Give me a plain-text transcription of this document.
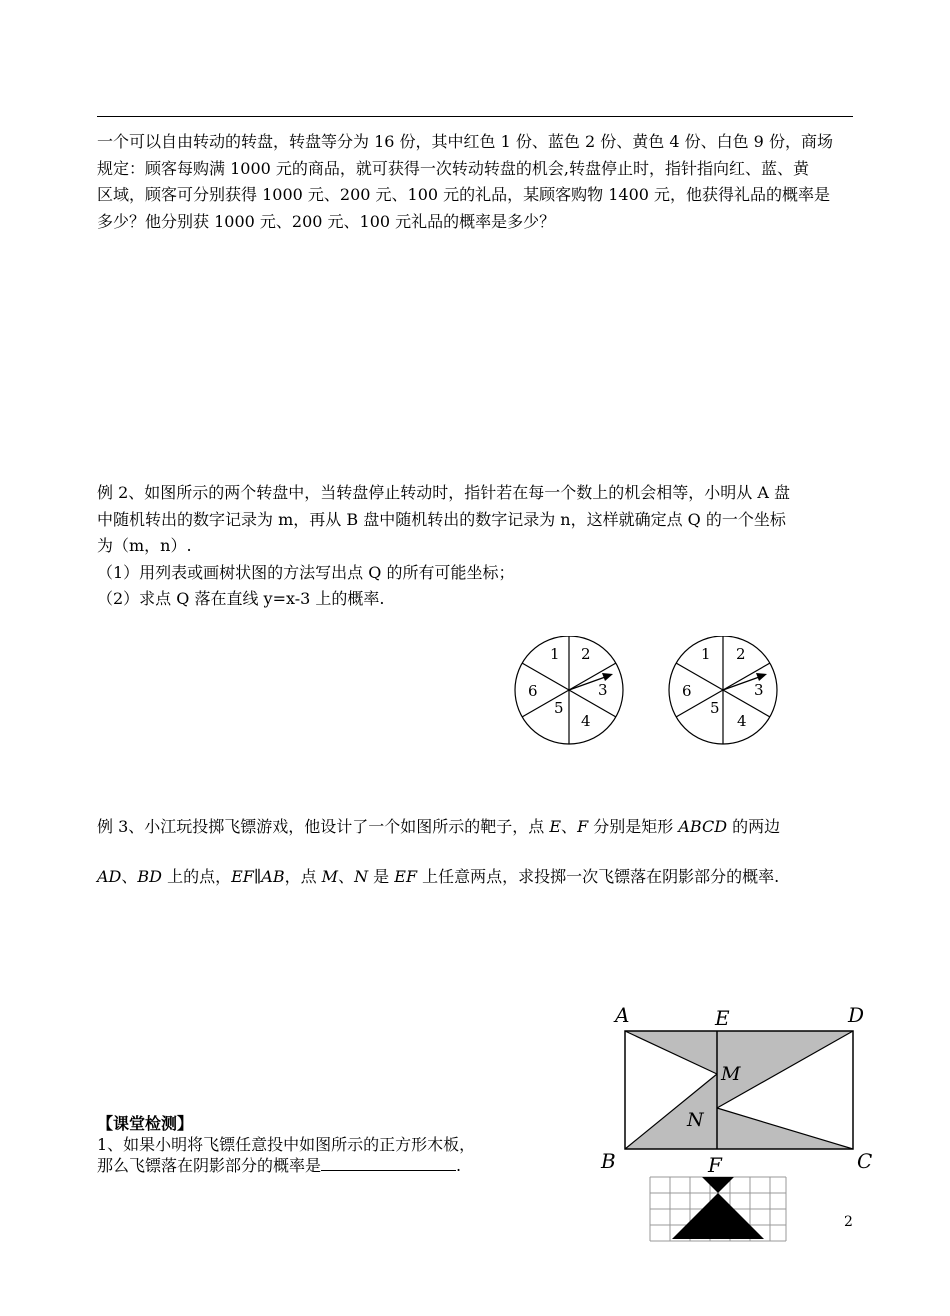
一个可以自由转动的转盘，转盘等分为 16 份，其中红色 1 份、蓝色 2 份、黄色 4 份、白色 9 份，商场
规定：顾客每购满 1000 元的商品，就可获得一次转动转盘的机会,转盘停止时，指针指向红、蓝、黄
区域，顾客可分别获得 1000 元、200 元、100 元的礼品，某顾客购物 1400 元，他获得礼品的概率是
多少？他分别获 1000 元、200 元、100 元礼品的概率是多少？
例 2、如图所示的两个转盘中，当转盘停止转动时，指针若在每一个数上的机会相等，小明从 A 盘
中随机转出的数字记录为 m，再从 B 盘中随机转出的数字记录为 n，这样就确定点 Q 的一个坐标
为（m，n）.
（1）用列表或画树状图的方法写出点 Q 的所有可能坐标；
（2）求点 Q 落在直线 y=x-3 上的概率.
1 2
3
4
5
6
1 2
3
4
5
6
例 3、小江玩投掷飞镖游戏，他设计了一个如图所示的靶子，点 E、F 分别是矩形 ABCD 的两边
AD、BD 上的点，EF∥AB，点 M、N 是 EF 上任意两点，求投掷一次飞镖落在阴影部分的概率.
A	E	D
M
N
B	F	C
【课堂检测】
1、如果小明将飞镖任意投中如图所示的正方形木板，
那么飞镖落在阴影部分的概率是	.
2
